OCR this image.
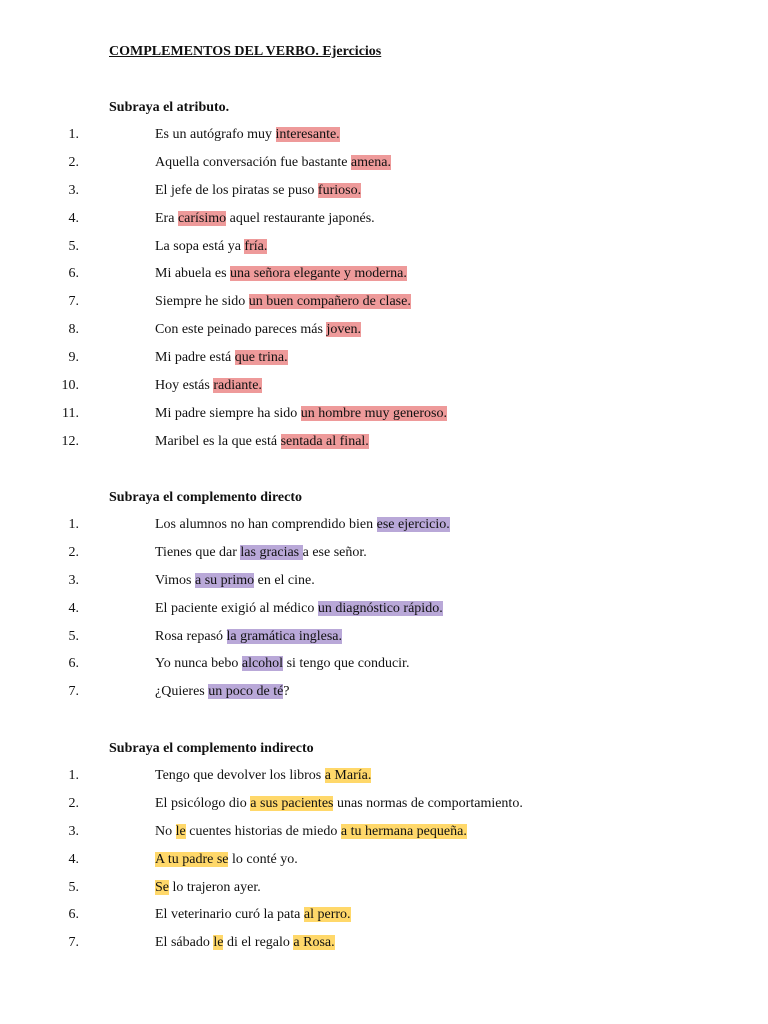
COMPLEMENTOS DEL VERBO. Ejercicios
Subraya el atributo.
1.	Es un autógrafo muy interesante.
2.	Aquella conversación fue bastante amena.
3.	El jefe de los piratas se puso furioso.
4.	Era carísimo aquel restaurante japonés.
5.	La sopa está ya fría.
6.	Mi abuela es una señora elegante y moderna.
7.	Siempre he sido un buen compañero de clase.
8.	Con este peinado pareces más joven.
9.	Mi padre está que trina.
10.	Hoy estás radiante.
11.	Mi padre siempre ha sido un hombre muy generoso.
12.	Maribel es la que está sentada al final.
Subraya el complemento directo
1.	Los alumnos no han comprendido bien ese ejercicio.
2.	Tienes que dar las gracias a ese señor.
3.	Vimos a su primo en el cine.
4.	El paciente exigió al médico un diagnóstico rápido.
5.	Rosa repasó la gramática inglesa.
6.	Yo nunca bebo alcohol si tengo que conducir.
7.	¿Quieres un poco de té?
Subraya el complemento indirecto
1.	Tengo que devolver los libros a María.
2.	El psicólogo dio a sus pacientes unas normas de comportamiento.
3.	No le cuentes historias de miedo a tu hermana pequeña.
4.	A tu padre se lo conté yo.
5.	Se lo trajeron ayer.
6.	El veterinario curó la pata al perro.
7.	El sábado le di el regalo a Rosa.
